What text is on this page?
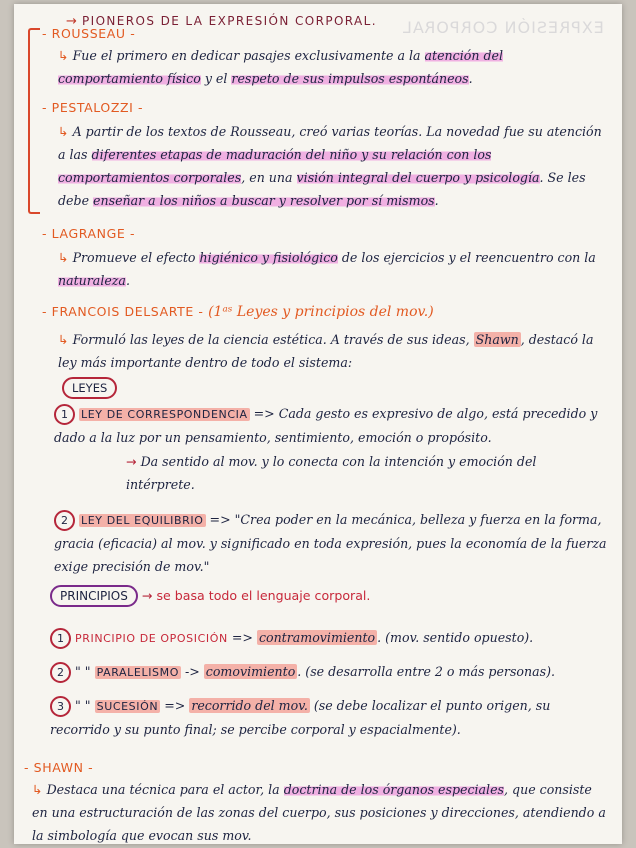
EXPRESIÓN CORPORAL
→ PIONEROS DE LA EXPRESIÓN CORPORAL.
- ROUSSEAU -
↳ Fue el primero en dedicar pasajes exclusivamente a la atención del comportamiento físico y el respeto de sus impulsos espontáneos.
- PESTALOZZI -
↳ A partir de los textos de Rousseau, creó varias teorías. La novedad fue su atención a las diferentes etapas de maduración del niño y su relación con los comportamientos corporales, en una visión integral del cuerpo y psicología. Se les debe enseñar a los niños a buscar y resolver por sí mismos.
- LAGRANGE -
↳ Promueve el efecto higiénico y fisiológico de los ejercicios y el reencuentro con la naturaleza.
- FRANCOIS DELSARTE - (1ᵃˢ Leyes y principios del mov.)
↳ Formuló las leyes de la ciencia estética. A través de sus ideas, Shawn , destacó la ley más importante dentro de todo el sistema:
LEYES
1 LEY DE CORRESPONDENCIA => Cada gesto es expresivo de algo, está precedido y dado a la luz por un pensamiento, sentimiento, emoción o propósito.
→ Da sentido al mov. y lo conecta con la intención y emoción del intérprete.
2 LEY DEL EQUILIBRIO => "Crea poder en la mecánica, belleza y fuerza en la forma, gracia (eficacia) al mov. y significado en toda expresión, pues la economía de la fuerza exige precisión de mov."
PRINCIPIOS → se basa todo el lenguaje corporal.
1 PRINCIPIO DE OPOSICIÓN => contramovimiento . (mov. sentido opuesto).
2 " " PARALELISMO -> comovimiento . (se desarrolla entre 2 o más personas).
3 " " SUCESIÓN => recorrido del mov. (se debe localizar el punto origen, su recorrido y su punto final; se percibe corporal y espacialmente).
- SHAWN -
↳ Destaca una técnica para el actor, la doctrina de los órganos especiales, que consiste en una estructuración de las zonas del cuerpo, sus posiciones y direcciones, atendiendo a la simbología que evocan sus mov.
